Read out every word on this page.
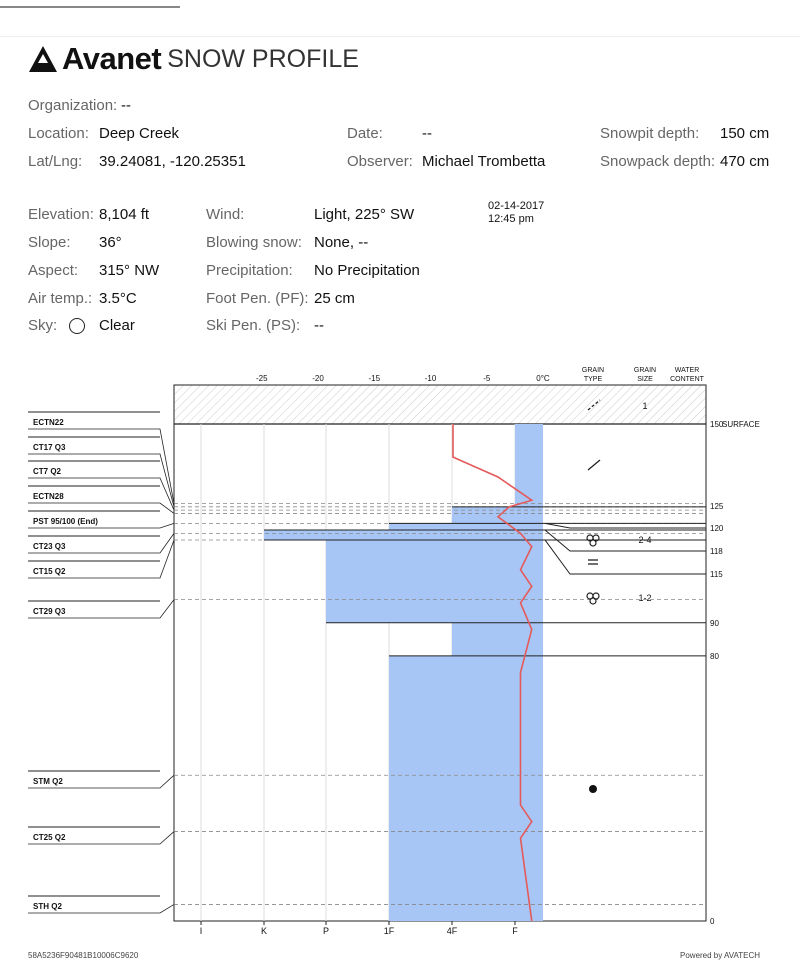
Avanet SNOW PROFILE
Organization: --
Location: Deep Creek	Date:	--	Snowpit depth: 150 cm
Lat/Lng: 39.24081, -120.25351	Observer: Michael Trombetta	Snowpack depth: 470 cm
Elevation: 8,104 ft
Slope: 36°
Aspect: 315° NW
Air temp.: 3.5°C
Sky:	Clear
Wind:	Light, 225° SW
Blowing snow: None, --
Precipitation: No Precipitation
Foot Pen. (PF): 25 cm
Ski Pen. (PS): --
02-14-2017
12:45 pm
ECTN22
CT17 Q3
CT7 Q2
ECTN28
PST 95/100 (End)
CT23 Q3
CT15 Q2
CT29 Q3
STM Q2
CT25 Q2
STH Q2
I	K	P	1F	4F	F
-25	-20	-15	-10	-5	0°C
GRAIN
TYPE
GRAIN
SIZE
WATER
CONTENT
150
125
120
118
115
90
80
0
SURFACE
1
2-4
1-2
58A5236F90481B10006C9620	Powered by AVATECH
